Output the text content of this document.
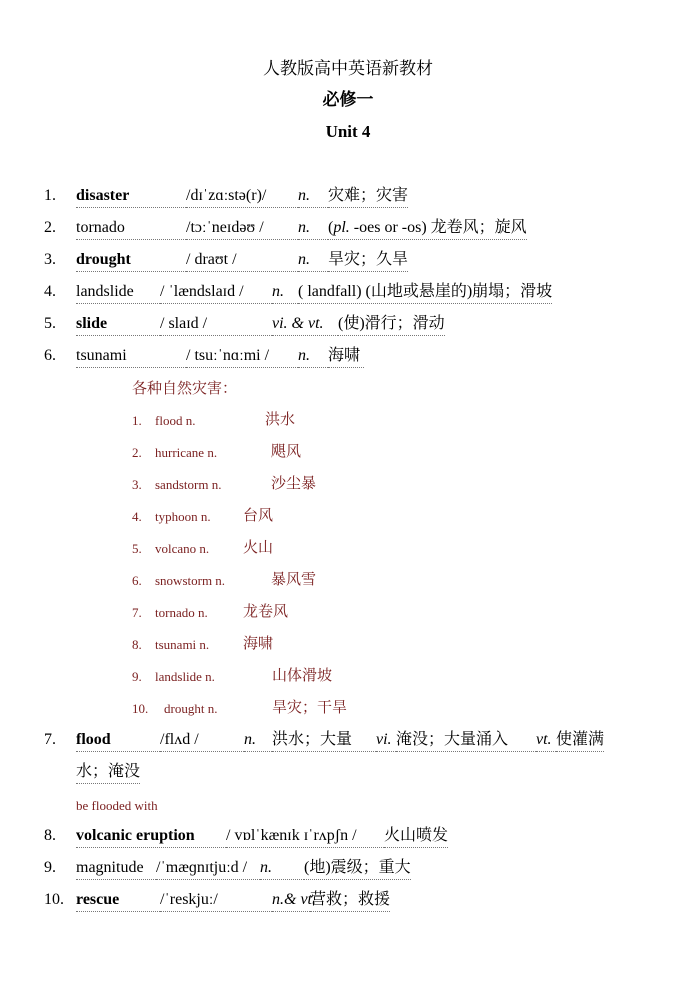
人教版高中英语新教材
必修一
Unit 4
1.	disaster	/dɪˈzɑːstə(r)/	n.	灾难；灾害
2.	tornado	/tɔːˈneɪdəʊ /	n.	(pl. -oes or -os) 龙卷风；旋风
3.	drought	/ draʊt /	n.	旱灾；久旱
4.	landslide	/ ˈlændslaɪd /	n. ( landfall) (山地或悬崖的)崩塌；滑坡
5.	slide	/ slaɪd /	vi. & vt. (使)滑行；滑动
6.	tsunami	/ tsuːˈnɑːmi /	n.	海啸
各种自然灾害：
1. flood n.	洪水
2. hurricane n.	飓风
3. sandstorm n.	沙尘暴
4. typhoon n. 台风
5. volcano n. 火山
6. snowstorm n.	暴风雪
7. tornado n. 龙卷风
8. tsunami n. 海啸
9. landslide n.	山体滑坡
10. drought n.	旱灾；干旱
7.	flood	/flʌd /	n.	洪水；大量	vi. 淹没；大量涌入	vt. 使灌满
水；淹没
be flooded with
8.	volcanic eruption	/ vɒlˈkænɪk ɪˈrʌpʃn /	火山喷发
9.	magnitude /ˈmæɡnɪtjuːd / n.	(地)震级；重大
10. rescue	/ˈreskjuː/	n.& vt.
营救；救援
